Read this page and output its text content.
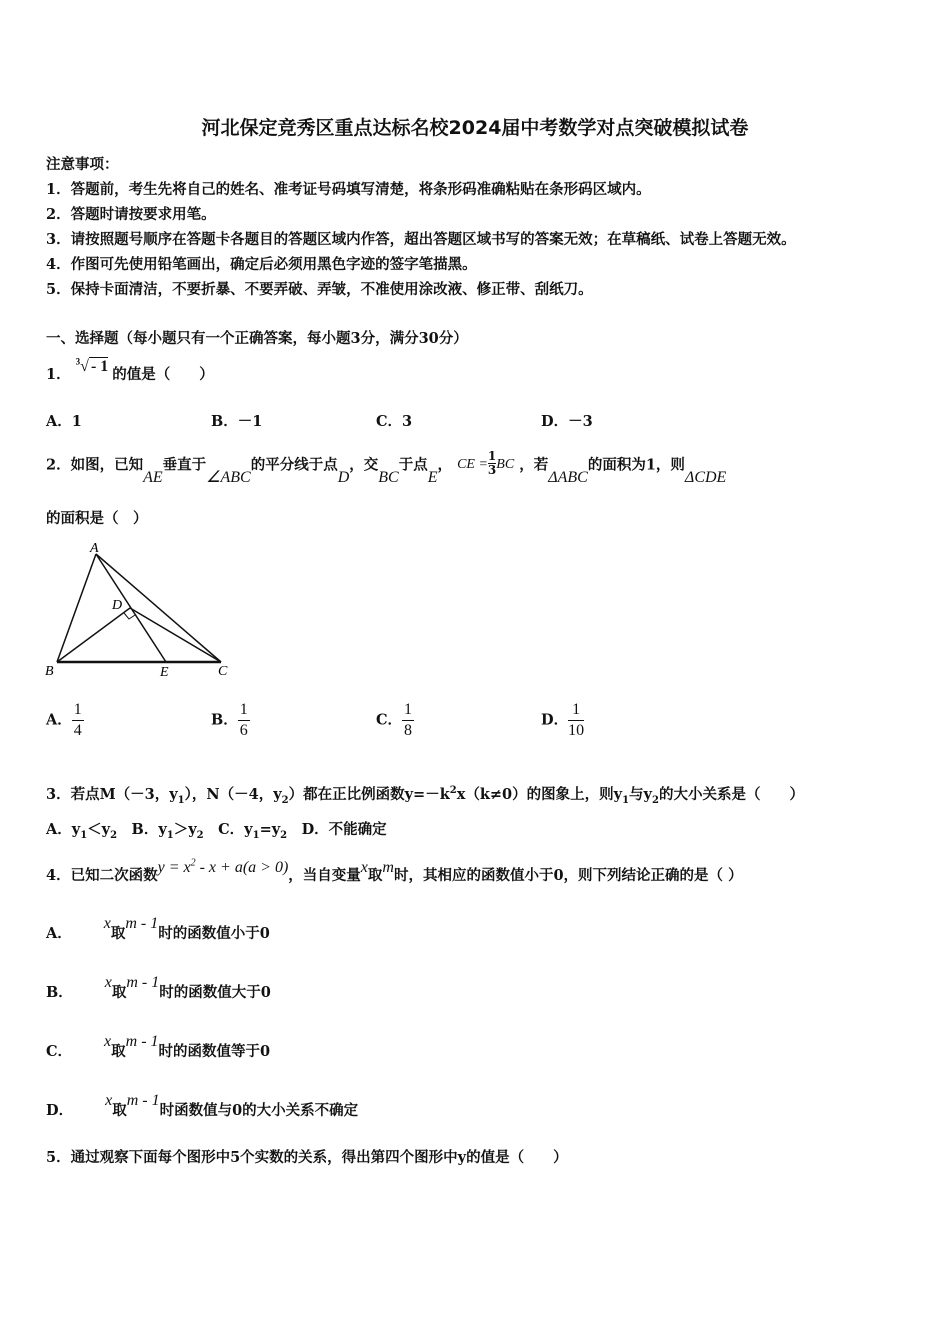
河北保定竞秀区重点达标名校2024届中考数学对点突破模拟试卷
注意事项：
1．答题前，考生先将自己的姓名、准考证号码填写清楚，将条形码准确粘贴在条形码区域内。
2．答题时请按要求用笔。
3．请按照题号顺序在答题卡各题目的答题区域内作答，超出答题区域书写的答案无效；在草稿纸、试卷上答题无效。
4．作图可先使用铅笔画出，确定后必须用黑色字迹的签字笔描黑。
5．保持卡面清洁，不要折暴、不要弄破、弄皱，不准使用涂改液、修正带、刮纸刀。
一、选择题（每小题只有一个正确答案，每小题3分，满分30分）
1． $^3$√ - 1 的值是（　　）
A．1	B．－1	C．3	D．－3
2．如图，已知AE垂直于∠ABC的平分线于点D，交BC于点E， CE = $\frac{1}{3}$ BC ，若ΔABC的面积为1，则ΔCDE
的面积是（　）
A
B	C
D
E
A． $\frac{1}{4}$	B． $\frac{1}{6}$	C． $\frac{1}{8}$	D． $\frac{1}{10}$
3．若点M（－3，$y_1$），N（－4，$y_2$）都在正比例函数$y=-k^2x(k\ne 0)$的图象上，则$y_1$与$y_2$的大小关系是（　　）
A．$y_1<y_2$　B．$y_1>y_2$　C．$y_1=y_2$　D．不能确定
4．已知二次函数$y = x^2 - x + a(a > 0)$，当自变量x取m时，其相应的函数值小于0，则下列结论正确的是（ ）
A．x取m - 1时的函数值小于0
B．x取m - 1时的函数值大于0
C．x取m - 1时的函数值等于0
D．x取m - 1时函数值与0的大小关系不确定
5．通过观察下面每个图形中5个实数的关系，得出第四个图形中y的值是（　　）
